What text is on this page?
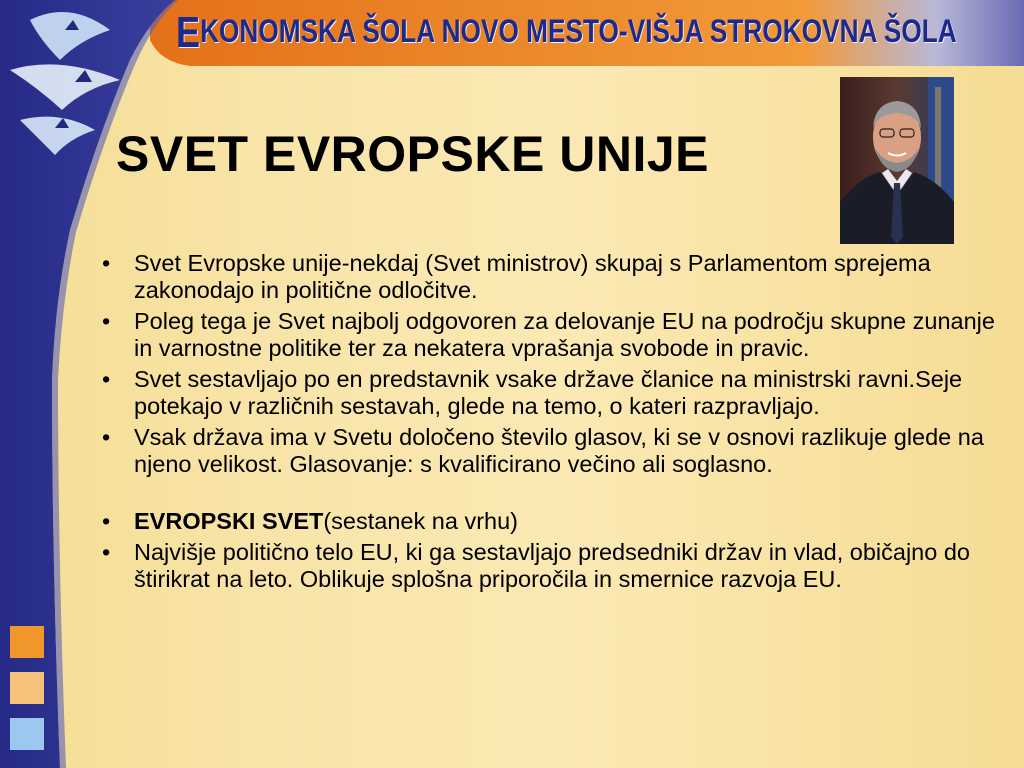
EKONOMSKA ŠOLA NOVO MESTO-VIŠJA STROKOVNA ŠOLA
SVET EVROPSKE UNIJE
• Svet Evropske unije-nekdaj (Svet ministrov) skupaj s Parlamentom sprejema zakonodajo in politične odločitve.
• Poleg tega je Svet najbolj odgovoren za delovanje EU na področju skupne zunanje in varnostne politike ter za nekatera vprašanja svobode in pravic.
• Svet sestavljajo po en predstavnik vsake države članice na ministrski ravni.Seje potekajo v različnih sestavah, glede na temo, o kateri razpravljajo.
• Vsak država ima v Svetu določeno število glasov, ki se v osnovi razlikuje glede na njeno velikost. Glasovanje: s kvalificirano večino ali soglasno.
• EVROPSKI SVET(sestanek na vrhu)
• Najvišje politično telo EU, ki ga sestavljajo predsedniki držav in vlad, običajno do štirikrat na leto. Oblikuje splošna priporočila in smernice razvoja EU.
